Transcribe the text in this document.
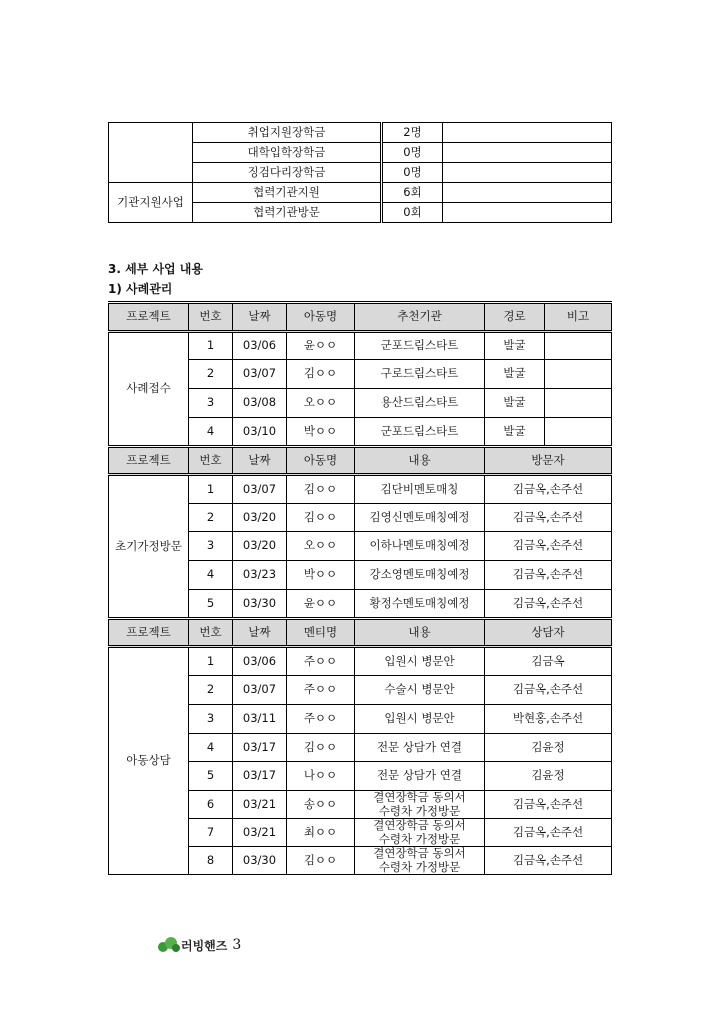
	취업지원장학금	2명	
	대학입학장학금	0명	
	징검다리장학금	0명	
기관지원사업	협력기관지원	6회	
	협력기관방문	0회	
3. 세부 사업 내용
1) 사례관리
프로젝트	번호	날짜	아동명	추천기관	경로	비고
사례접수	1	03/06	윤ㅇㅇ	군포드림스타트	발굴	
	2	03/07	김ㅇㅇ	구로드림스타트	발굴	
	3	03/08	오ㅇㅇ	용산드림스타트	발굴	
	4	03/10	박ㅇㅇ	군포드림스타트	발굴	
프로젝트	번호	날짜	아동명	내용	방문자	
초기가정방문	1	03/07	김ㅇㅇ	김단비멘토매칭	김금옥,손주선	
	2	03/20	김ㅇㅇ	김영신멘토매칭예정	김금옥,손주선	
	3	03/20	오ㅇㅇ	이하나멘토매칭예정	김금옥,손주선	
	4	03/23	박ㅇㅇ	강소영멘토매칭예정	김금옥,손주선	
	5	03/30	윤ㅇㅇ	황정수멘토매칭예정	김금옥,손주선	
프로젝트	번호	날짜	멘티명	내용	상담자	
아동상담	1	03/06	주ㅇㅇ	입원시 병문안	김금옥	
	2	03/07	주ㅇㅇ	수술시 병문안	김금옥,손주선	
	3	03/11	주ㅇㅇ	입원시 병문안	박현홍,손주선	
	4	03/17	김ㅇㅇ	전문 상담가 연결	김윤정	
	5	03/17	나ㅇㅇ	전문 상담가 연결	김윤정	
	6	03/21	송ㅇㅇ	결연장학금 동의서
수령차 가정방문	김금옥,손주선	
	7	03/21	최ㅇㅇ	결연장학금 동의서
수령차 가정방문	김금옥,손주선	
	8	03/30	김ㅇㅇ	결연장학금 동의서
수령차 가정방문	김금옥,손주선	
러빙핸즈 3
